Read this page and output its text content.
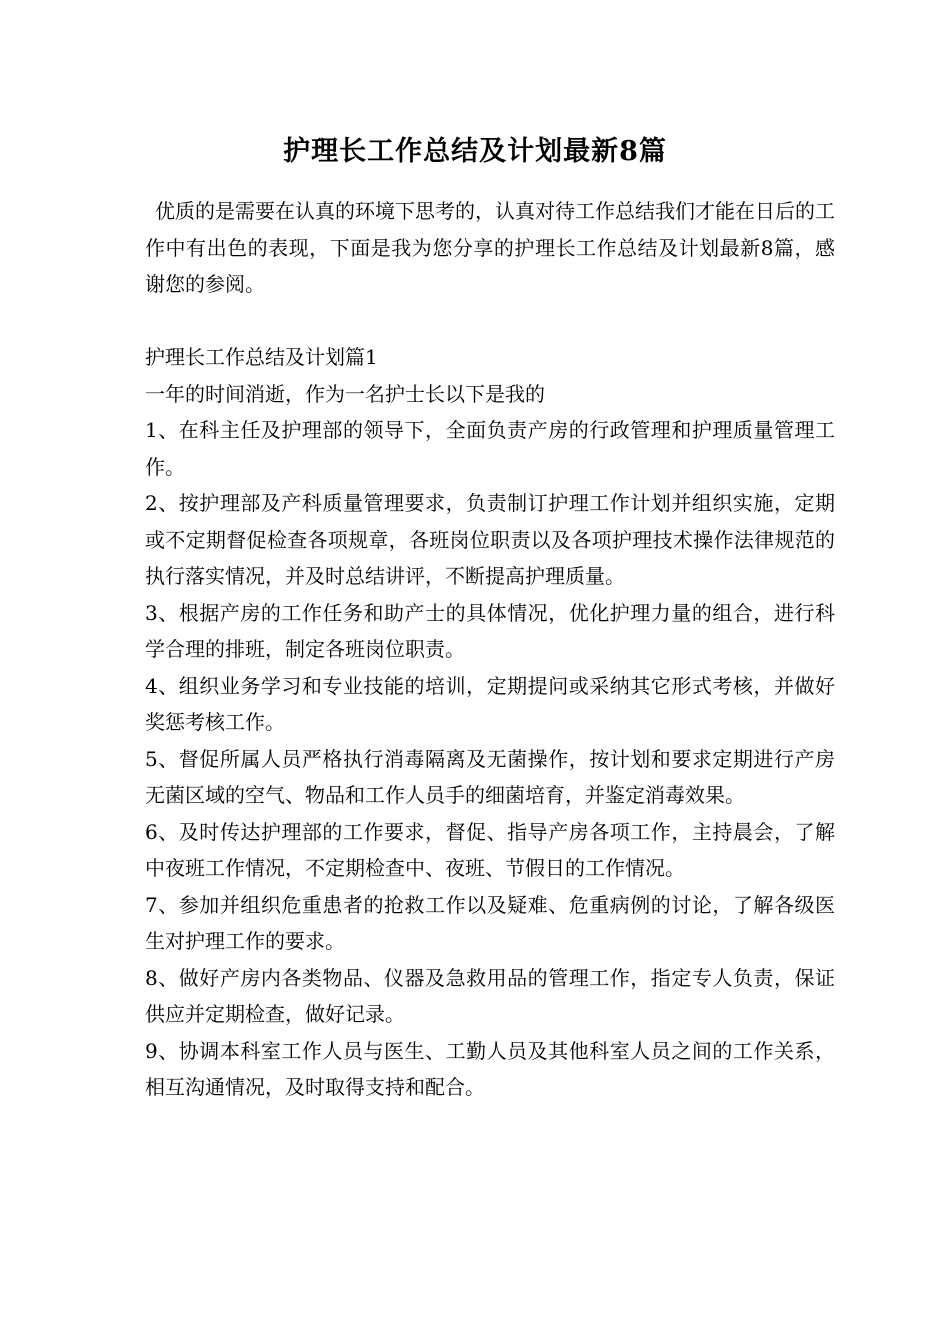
护理长工作总结及计划最新8篇

优质的是需要在认真的环境下思考的，认真对待工作总结我们才能在日后的工作中有出色的表现，下面是我为您分享的护理长工作总结及计划最新8篇，感谢您的参阅。

护理长工作总结及计划篇1

一年的时间消逝，作为一名护士长以下是我的

1、在科主任及护理部的领导下，全面负责产房的行政管理和护理质量管理工作。

2、按护理部及产科质量管理要求，负责制订护理工作计划并组织实施，定期或不定期督促检查各项规章，各班岗位职责以及各项护理技术操作法律规范的执行落实情况，并及时总结讲评，不断提高护理质量。

3、根据产房的工作任务和助产士的具体情况，优化护理力量的组合，进行科学合理的排班，制定各班岗位职责。

4、组织业务学习和专业技能的培训，定期提问或采纳其它形式考核，并做好奖惩考核工作。

5、督促所属人员严格执行消毒隔离及无菌操作，按计划和要求定期进行产房无菌区域的空气、物品和工作人员手的细菌培育，并鉴定消毒效果。

6、及时传达护理部的工作要求，督促、指导产房各项工作，主持晨会，了解中夜班工作情况，不定期检查中、夜班、节假日的工作情况。

7、参加并组织危重患者的抢救工作以及疑难、危重病例的讨论，了解各级医生对护理工作的要求。

8、做好产房内各类物品、仪器及急救用品的管理工作，指定专人负责，保证供应并定期检查，做好记录。

9、协调本科室工作人员与医生、工勤人员及其他科室人员之间的工作关系，相互沟通情况，及时取得支持和配合。
